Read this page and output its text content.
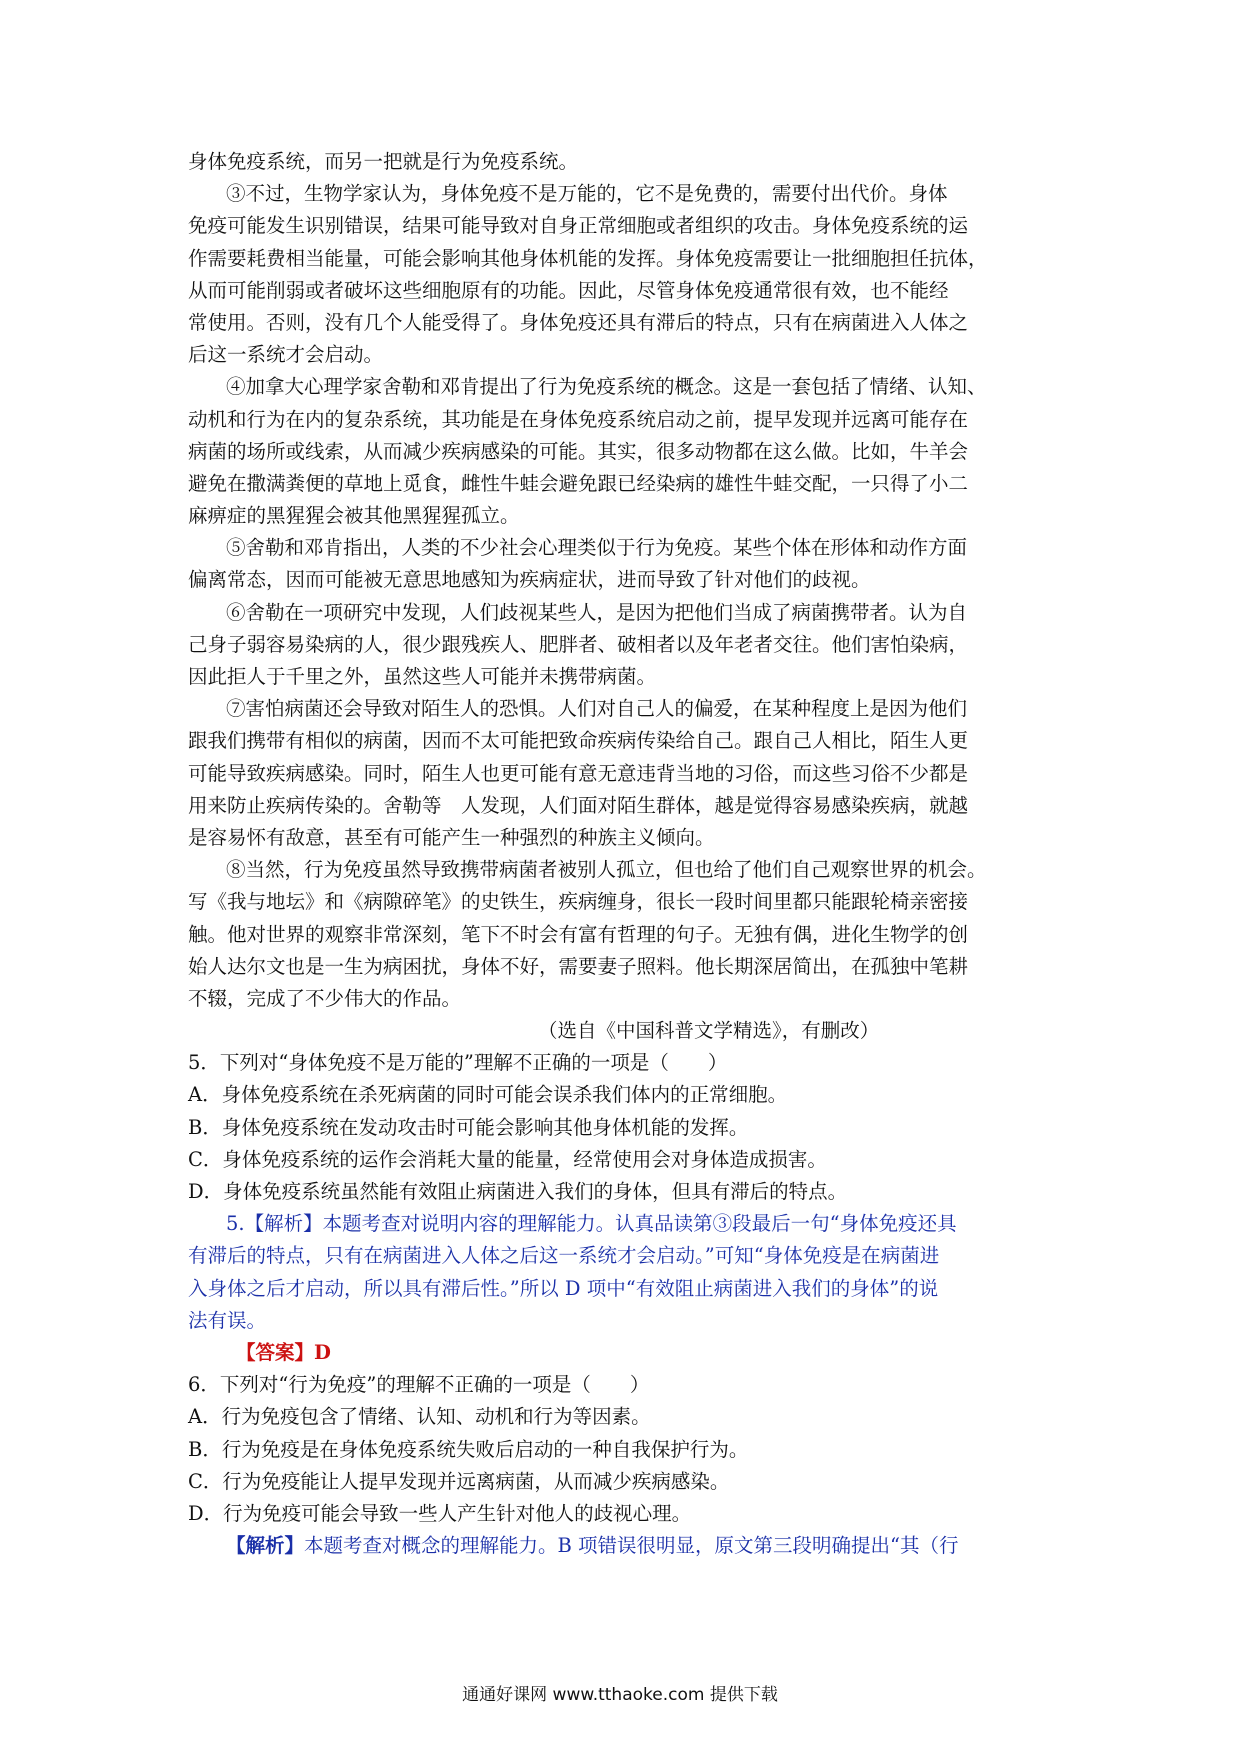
身体免疫系统，而另一把就是行为免疫系统。
③不过，生物学家认为，身体免疫不是万能的，它不是免费的，需要付出代价。身体
免疫可能发生识别错误，结果可能导致对自身正常细胞或者组织的攻击。身体免疫系统的运
作需要耗费相当能量，可能会影响其他身体机能的发挥。身体免疫需要让一批细胞担任抗体，
从而可能削弱或者破坏这些细胞原有的功能。因此，尽管身体免疫通常很有效，也不能经
常使用。否则，没有几个人能受得了。身体免疫还具有滞后的特点，只有在病菌进入人体之
后这一系统才会启动。
④加拿大心理学家舍勒和邓肯提出了行为免疫系统的概念。这是一套包括了情绪、认知、
动机和行为在内的复杂系统，其功能是在身体免疫系统启动之前，提早发现并远离可能存在
病菌的场所或线索，从而减少疾病感染的可能。其实，很多动物都在这么做。比如，牛羊会
避免在撒满粪便的草地上觅食，雌性牛蛙会避免跟已经染病的雄性牛蛙交配，一只得了小二
麻痹症的黑猩猩会被其他黑猩猩孤立。
⑤舍勒和邓肯指出，人类的不少社会心理类似于行为免疫。某些个体在形体和动作方面
偏离常态，因而可能被无意思地感知为疾病症状，进而导致了针对他们的歧视。
⑥舍勒在一项研究中发现，人们歧视某些人，是因为把他们当成了病菌携带者。认为自
己身子弱容易染病的人，很少跟残疾人、肥胖者、破相者以及年老者交往。他们害怕染病，
因此拒人于千里之外，虽然这些人可能并未携带病菌。
⑦害怕病菌还会导致对陌生人的恐惧。人们对自己人的偏爱，在某种程度上是因为他们
跟我们携带有相似的病菌，因而不太可能把致命疾病传染给自己。跟自己人相比，陌生人更
可能导致疾病感染。同时，陌生人也更可能有意无意违背当地的习俗，而这些习俗不少都是
用来防止疾病传染的。舍勒等　人发现，人们面对陌生群体，越是觉得容易感染疾病，就越
是容易怀有敌意，甚至有可能产生一种强烈的种族主义倾向。
⑧当然，行为免疫虽然导致携带病菌者被别人孤立，但也给了他们自己观察世界的机会。
写《我与地坛》和《病隙碎笔》的史铁生，疾病缠身，很长一段时间里都只能跟轮椅亲密接
触。他对世界的观察非常深刻，笔下不时会有富有哲理的句子。无独有偶，进化生物学的创
始人达尔文也是一生为病困扰，身体不好，需要妻子照料。他长期深居简出，在孤独中笔耕
不辍，完成了不少伟大的作品。
（选自《中国科普文学精选》，有删改）
5．下列对“身体免疫不是万能的”理解不正确的一项是（　　）
A．身体免疫系统在杀死病菌的同时可能会误杀我们体内的正常细胞。
B．身体免疫系统在发动攻击时可能会影响其他身体机能的发挥。
C．身体免疫系统的运作会消耗大量的能量，经常使用会对身体造成损害。
D．身体免疫系统虽然能有效阻止病菌进入我们的身体，但具有滞后的特点。
5.【解析】本题考查对说明内容的理解能力。认真品读第③段最后一句“身体免疫还具
有滞后的特点，只有在病菌进入人体之后这一系统才会启动。”可知“身体免疫是在病菌进
入身体之后才启动，所以具有滞后性。”所以 D 项中“有效阻止病菌进入我们的身体”的说
法有误。
【答案】D
6．下列对“行为免疫”的理解不正确的一项是（　　）
A．行为免疫包含了情绪、认知、动机和行为等因素。
B．行为免疫是在身体免疫系统失败后启动的一种自我保护行为。
C．行为免疫能让人提早发现并远离病菌，从而减少疾病感染。
D．行为免疫可能会导致一些人产生针对他人的歧视心理。
【解析】本题考查对概念的理解能力。B 项错误很明显，原文第三段明确提出“其（行
通通好课网 www.tthaoke.com 提供下载
